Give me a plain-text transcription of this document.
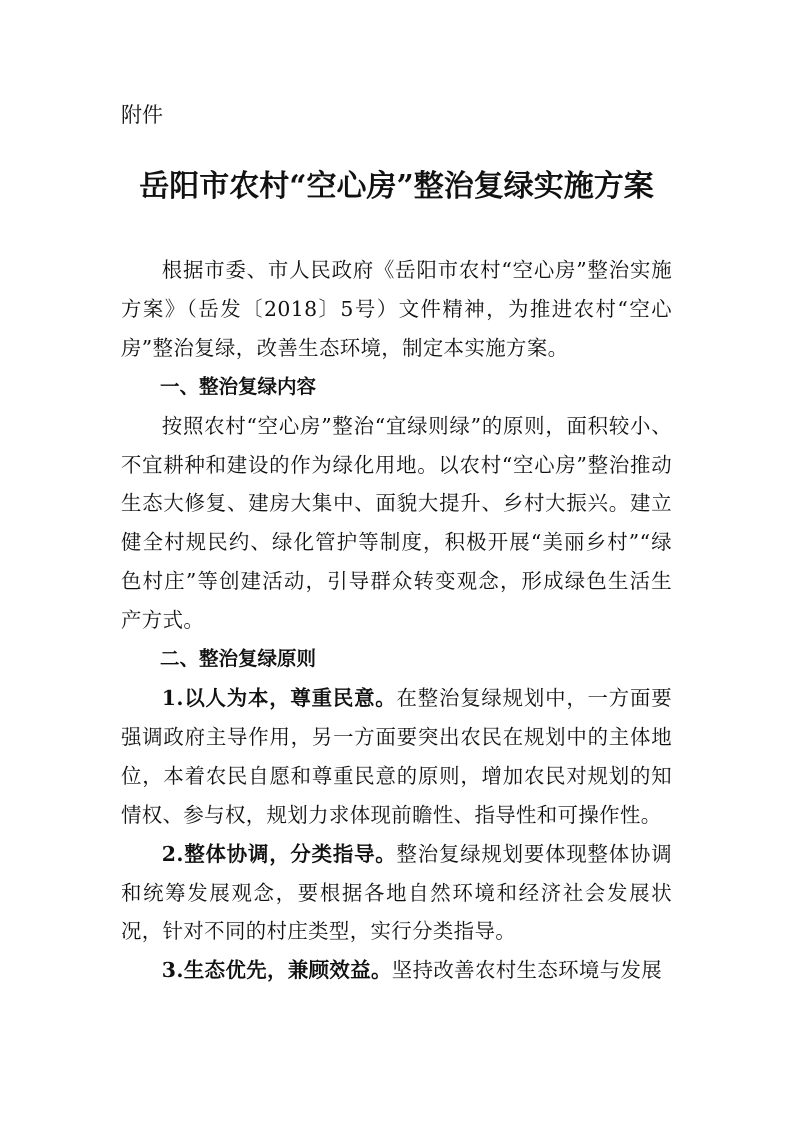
附件
岳阳市农村“空心房”整治复绿实施方案

根据市委、市人民政府《岳阳市农村“空心房”整治实施方案》（岳发〔2018〕5号）文件精神，为推进农村“空心房”整治复绿，改善生态环境，制定本实施方案。

一、整治复绿内容

按照农村“空心房”整治“宜绿则绿”的原则，面积较小、不宜耕种和建设的作为绿化用地。以农村“空心房”整治推动生态大修复、建房大集中、面貌大提升、乡村大振兴。建立健全村规民约、绿化管护等制度，积极开展“美丽乡村”“绿色村庄”等创建活动，引导群众转变观念，形成绿色生活生产方式。

二、整治复绿原则

1.以人为本，尊重民意。在整治复绿规划中，一方面要强调政府主导作用，另一方面要突出农民在规划中的主体地位，本着农民自愿和尊重民意的原则，增加农民对规划的知情权、参与权，规划力求体现前瞻性、指导性和可操作性。

2.整体协调，分类指导。整治复绿规划要体现整体协调和统筹发展观念，要根据各地自然环境和经济社会发展状况，针对不同的村庄类型，实行分类指导。

3.生态优先，兼顾效益。坚持改善农村生态环境与发展
